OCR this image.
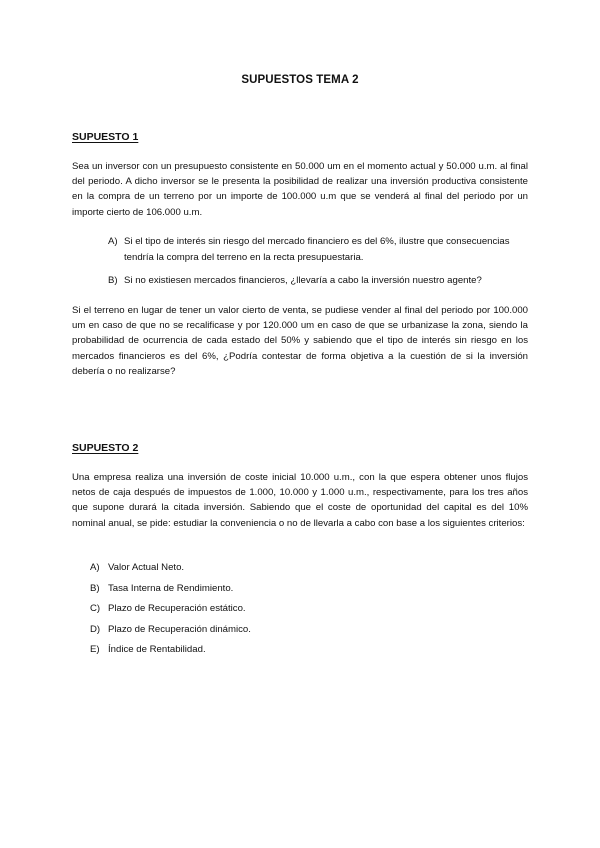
SUPUESTOS TEMA 2
SUPUESTO 1
Sea un inversor con un presupuesto consistente en 50.000 um en el momento actual y 50.000 u.m. al final del periodo. A dicho inversor se le presenta la posibilidad de realizar una inversión productiva consistente en la compra de un terreno por un importe de 100.000 u.m que se venderá al final del periodo por un importe cierto de 106.000 u.m.
A) Si el tipo de interés sin riesgo del mercado financiero es del 6%, ilustre que consecuencias tendría la compra del terreno en la recta presupuestaria.
B) Si no existiesen mercados financieros, ¿llevaría a cabo la inversión nuestro agente?
Si el terreno en lugar de tener un valor cierto de venta, se pudiese vender al final del periodo por 100.000 um en caso de que no se recalificase y por 120.000 um en caso de que se urbanizase la zona, siendo la probabilidad de ocurrencia de cada estado del 50% y sabiendo que el tipo de interés sin riesgo en los mercados financieros es del 6%, ¿Podría contestar de forma objetiva a la cuestión de si la inversión debería o no realizarse?
SUPUESTO 2
Una empresa realiza una inversión de coste inicial 10.000 u.m., con la que espera obtener unos flujos netos de caja después de impuestos de 1.000, 10.000 y 1.000 u.m., respectivamente, para los tres años que supone durará la citada inversión. Sabiendo que el coste de oportunidad del capital es del 10% nominal anual, se pide: estudiar la conveniencia o no de llevarla a cabo con base a los siguientes criterios:
A) Valor Actual Neto.
B) Tasa Interna de Rendimiento.
C) Plazo de Recuperación estático.
D) Plazo de Recuperación dinámico.
E) Índice de Rentabilidad.
